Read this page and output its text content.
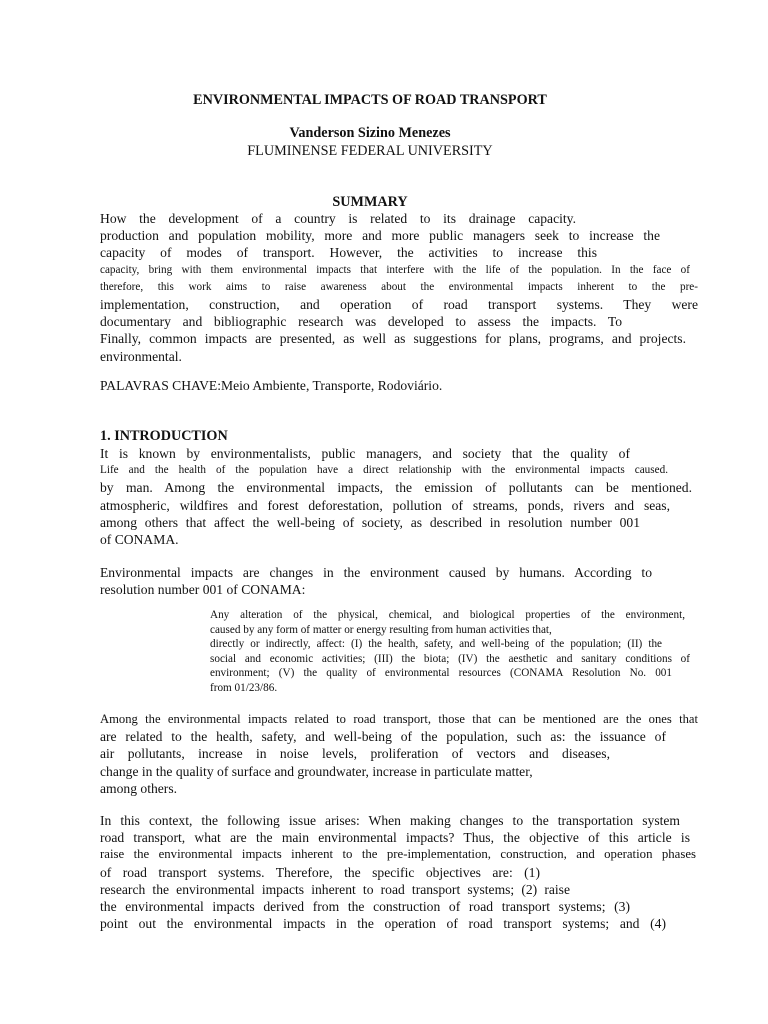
ENVIRONMENTAL IMPACTS OF ROAD TRANSPORT
Vanderson Sizino Menezes
FLUMINENSE FEDERAL UNIVERSITY
SUMMARY
How the development of a country is related to its drainage capacity.
production and population mobility, more and more public managers seek to increase the
capacity of modes of transport. However, the activities to increase this
capacity, bring with them environmental impacts that interfere with the life of the population. In the face of
therefore, this work aims to raise awareness about the environmental impacts inherent to the pre-
implementation, construction, and operation of road transport systems. They were
documentary and bibliographic research was developed to assess the impacts. To
Finally, common impacts are presented, as well as suggestions for plans, programs, and projects.
environmental.
PALAVRAS CHAVE:Meio Ambiente, Transporte, Rodoviário.
1. INTRODUCTION
It is known by environmentalists, public managers, and society that the quality of
Life and the health of the population have a direct relationship with the environmental impacts caused.
by man. Among the environmental impacts, the emission of pollutants can be mentioned.
atmospheric, wildfires and forest deforestation, pollution of streams, ponds, rivers and seas,
among others that affect the well-being of society, as described in resolution number 001
of CONAMA.
Environmental impacts are changes in the environment caused by humans. According to
resolution number 001 of CONAMA:
Any alteration of the physical, chemical, and biological properties of the environment,
caused by any form of matter or energy resulting from human activities that,
directly or indirectly, affect: (I) the health, safety, and well-being of the population; (II) the
social and economic activities; (III) the biota; (IV) the aesthetic and sanitary conditions of
environment; (V) the quality of environmental resources (CONAMA Resolution No. 001
from 01/23/86.
Among the environmental impacts related to road transport, those that can be mentioned are the ones that
are related to the health, safety, and well-being of the population, such as: the issuance of
air pollutants, increase in noise levels, proliferation of vectors and diseases,
change in the quality of surface and groundwater, increase in particulate matter,
among others.
In this context, the following issue arises: When making changes to the transportation system
road transport, what are the main environmental impacts? Thus, the objective of this article is
raise the environmental impacts inherent to the pre-implementation, construction, and operation phases
of road transport systems. Therefore, the specific objectives are: (1)
research the environmental impacts inherent to road transport systems; (2) raise
the environmental impacts derived from the construction of road transport systems; (3)
point out the environmental impacts in the operation of road transport systems; and (4)
